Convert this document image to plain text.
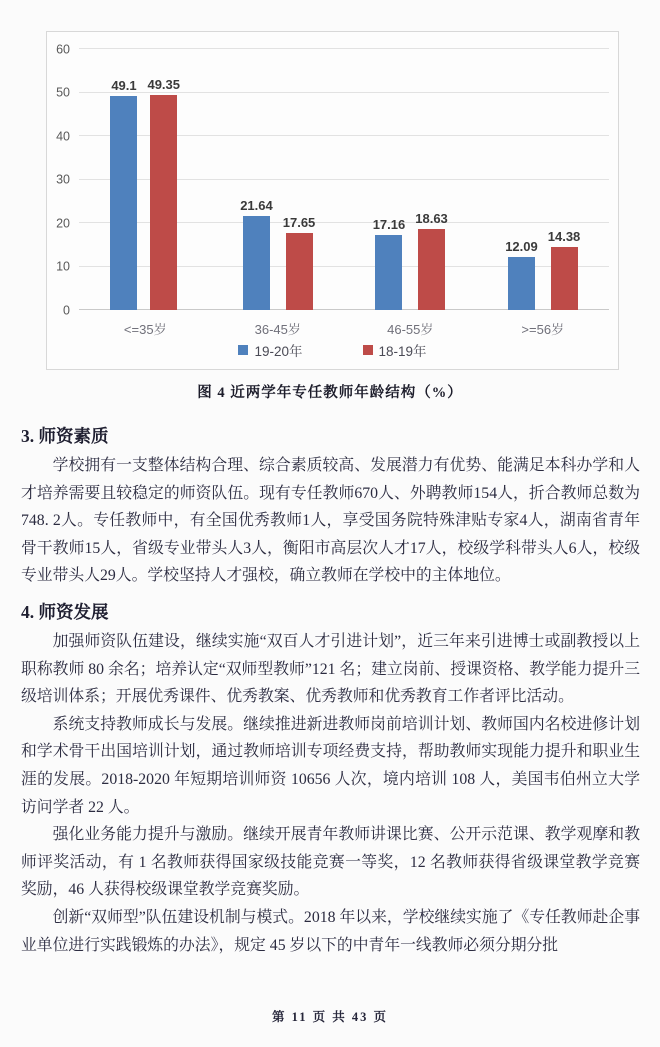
0
10
20
30
40
50
60
49.1 49.35
<=35岁
21.64
17.65
36-45岁
17.16 18.63
46-55岁
12.09
14.38
>=56岁
19-20年	18-19年
图 4 近两学年专任教师年龄结构（%）
3. 师资素质

学校拥有一支整体结构合理、综合素质较高、发展潜力有优势、能满足本科办学和人才培养需要且较稳定的师资队伍。现有专任教师670人、外聘教师154人，折合教师总数为748. 2人。专任教师中，有全国优秀教师1人，享受国务院特殊津贴专家4人，湖南省青年骨干教师15人，省级专业带头人3人，衡阳市高层次人才17人，校级学科带头人6人，校级专业带头人29人。学校坚持人才强校，确立教师在学校中的主体地位。

4. 师资发展

加强师资队伍建设，继续实施“双百人才引进计划”，近三年来引进博士或副教授以上职称教师 80 余名；培养认定“双师型教师”121 名；建立岗前、授课资格、教学能力提升三级培训体系；开展优秀课件、优秀教案、优秀教师和优秀教育工作者评比活动。

系统支持教师成长与发展。继续推进新进教师岗前培训计划、教师国内名校进修计划和学术骨干出国培训计划，通过教师培训专项经费支持，帮助教师实现能力提升和职业生涯的发展。2018-2020 年短期培训师资 10656 人次，境内培训 108 人，美国韦伯州立大学访问学者 22 人。

强化业务能力提升与激励。继续开展青年教师讲课比赛、公开示范课、教学观摩和教师评奖活动，有 1 名教师获得国家级技能竞赛一等奖，12 名教师获得省级课堂教学竞赛奖励，46 人获得校级课堂教学竞赛奖励。

创新“双师型”队伍建设机制与模式。2018 年以来，学校继续实施了《专任教师赴企事业单位进行实践锻炼的办法》，规定 45 岁以下的中青年一线教师必须分期分批

第 11 页 共 43 页
